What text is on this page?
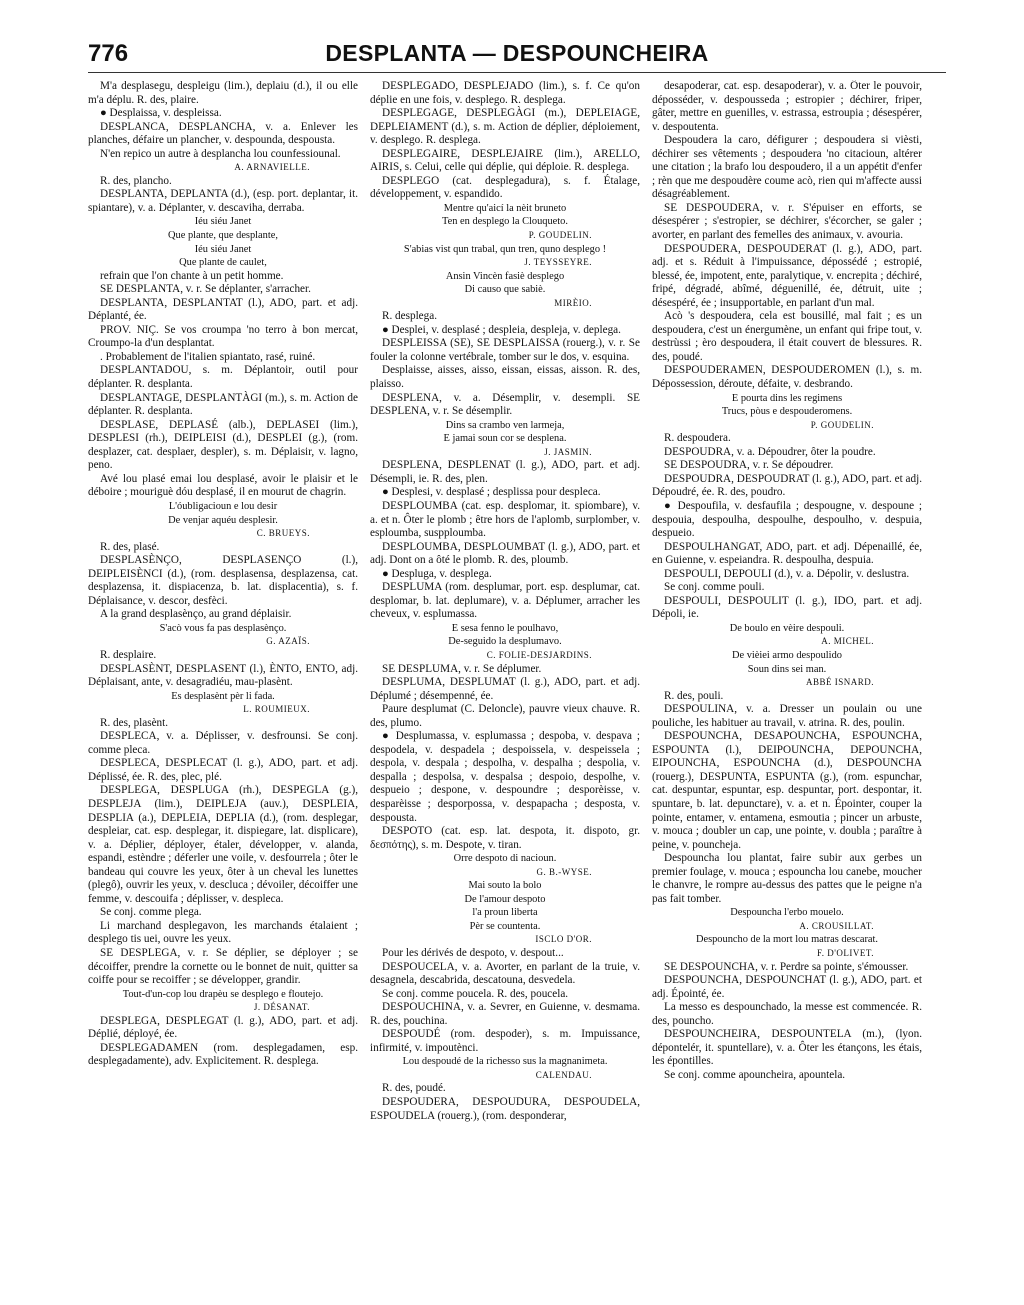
776	DESPLANTA — DESPOUNCHEIRA

M'a desplasegu, despleigu (lim.), deplaiu (d.), il ou elle m'a déplu. R. des, plaire.

● Desplaissa, v. despleissa.

DESPLANCA, DESPLANCHA, v. a. Enlever les planches, défaire un plancher, v. despounda, despousta.

N'en repico un autre à desplancha lou counfessiounal.

A. ARNAVIELLE.

R. des, plancho.

DESPLANTA, DEPLANTA (d.), (esp. port. deplantar, it. spiantare), v. a. Déplanter, v. descaviha, derraba.

Iéu siéu Janet

Que plante, que desplante,

Iéu siéu Janet

Que plante de caulet,

refrain que l'on chante à un petit homme.

SE DESPLANTA, v. r. Se déplanter, s'arracher.

DESPLANTA, DESPLANTAT (l.), ADO, part. et adj. Déplanté, ée.

PROV. NIÇ. Se vos croumpa 'no terro à bon mercat, Croumpo-la d'un desplantat.

. Probablement de l'italien spiantato, rasé, ruiné.

DESPLANTADOU, s. m. Déplantoir, outil pour déplanter. R. desplanta.

DESPLANTAGE, DESPLANTÀGI (m.), s. m. Action de déplanter. R. desplanta.

DESPLASE, DEPLASÉ (alb.), DEPLASEI (lim.), DESPLESI (rh.), DEIPLEISI (d.), DESPLEI (g.), (rom. desplazer, cat. desplaer, despler), s. m. Déplaisir, v. lagno, peno.

Avé lou plasé emai lou desplasé, avoir le plaisir et le déboire ; mouriguè dóu desplasé, il en mourut de chagrin.

L'óubligacioun e lou desir

De venjar aquéu desplesir.

C. BRUEYS.

R. des, plasé.

DESPLASÈNÇO, DESPLASENÇO (l.), DEIPLEISÈNCI (d.), (rom. desplasensa, desplazensa, cat. desplazensa, it. dispiacenza, b. lat. displacentia), s. f. Déplaisance, v. descor, desfèci.

A la grand desplasènço, au grand déplaisir.

S'acò vous fa pas desplasènço.

G. AZAÏS.

R. desplaire.

DESPLASÈNT, DESPLASENT (l.), ÈNTO, ENTO, adj. Déplaisant, ante, v. desagradiéu, mau-plasènt.

Es desplasènt pèr li fada.

L. ROUMIEUX.

R. des, plasènt.

DESPLECA, v. a. Déplisser, v. desfrounsi. Se conj. comme pleca.

DESPLECA, DESPLECAT (l. g.), ADO, part. et adj. Déplissé, ée. R. des, plec, plé.

DESPLEGA, DESPLUGA (rh.), DESPEGLA (g.), DESPLEJA (lim.), DEIPLEJA (auv.), DESPLEIA, DESPLIA (a.), DEPLEIA, DEPLIA (d.), (rom. desplegar, despleiar, cat. esp. desplegar, it. dispiegare, lat. displicare), v. a. Déplier, déployer, étaler, développer, v. alanda, espandi, estèndre ; déferler une voile, v. desfourrela ; ôter le bandeau qui couvre les yeux, ôter à un cheval les lunettes (plegô), ouvrir les yeux, v. descluca ; dévoiler, décoiffer une femme, v. descouifa ; déplisser, v. despleca.

Se conj. comme plega.

Li marchand desplegavon, les marchands étalaient ; desplego tis uei, ouvre les yeux.

SE DESPLEGA, v. r. Se déplier, se déployer ; se décoiffer, prendre la cornette ou le bonnet de nuit, quitter sa coiffe pour se recoiffer ; se développer, grandir.

Tout-d'un-cop lou drapèu se desplego e floutejo.

J. DÉSANAT.

DESPLEGA, DESPLEGAT (l. g.), ADO, part. et adj. Déplié, déployé, ée.

DESPLEGADAMEN (rom. desplegadamen, esp. desplegadamente), adv. Explicitement. R. desplega.

DESPLEGADO, DESPLEJADO (lim.), s. f. Ce qu'on déplie en une fois, v. desplego. R. desplega.

DESPLEGAGE, DESPLEGÀGI (m.), DEPLEIAGE, DEPLEIAMENT (d.), s. m. Action de déplier, déploiement, v. desplego. R. desplega.

DESPLEGAIRE, DESPLEJAIRE (lim.), ARELLO, AIRIS, s. Celui, celle qui déplie, qui déploie. R. desplega.

DESPLEGO (cat. desplegadura), s. f. Étalage, développement, v. espandido.

Mentre qu'aicí la nèit bruneto

Ten en desplego la Clouqueto.

P. GOUDELIN.

S'abias vist qun trabal, qun tren, quno desplego !

J. TEYSSEYRE.

Ansin Vincèn fasiè desplego

Di causo que sabiè.

MIRÈIO.

R. desplega.

● Desplei, v. desplasé ; despleia, despleja, v. deplega.

DESPLEISSA (SE), SE DESPLAISSA (rouerg.), v. r. Se fouler la colonne vertébrale, tomber sur le dos, v. esquina.

Desplaisse, aisses, aisso, eissan, eissas, aisson. R. des, plaisso.

DESPLENA, v. a. Désemplir, v. desempli. SE DESPLENA, v. r. Se désemplir.

Dins sa crambo ven larmeja,

E jamai soun cor se desplena.

J. JASMIN.

DESPLENA, DESPLENAT (l. g.), ADO, part. et adj. Désempli, ie. R. des, plen.

● Desplesi, v. desplasé ; desplissa pour despleca.

DESPLOUMBA (cat. esp. desplomar, it. spiombare), v. a. et n. Ôter le plomb ; être hors de l'aplomb, surplomber, v. esploumba, suspploumba.

DESPLOUMBA, DESPLOUMBAT (l. g.), ADO, part. et adj. Dont on a ôté le plomb. R. des, ploumb.

● Despluga, v. desplega.

DESPLUMA (rom. desplumar, port. esp. desplumar, cat. desplomar, b. lat. deplumare), v. a. Déplumer, arracher les cheveux, v. esplumassa.

E sesa fenno le poulhavo,

De-seguido la desplumavo.

C. FOLIE-DESJARDINS.

SE DESPLUMA, v. r. Se déplumer.

DESPLUMA, DESPLUMAT (l. g.), ADO, part. et adj. Déplumé ; désempenné, ée.

Paure desplumat (C. Deloncle), pauvre vieux chauve. R. des, plumo.

● Desplumassa, v. esplumassa ; despoba, v. despava ; despodela, v. despadela ; despoissela, v. despeissela ; despola, v. despala ; despolha, v. despalha ; despolia, v. despalla ; despolsa, v. despalsa ; despoio, despolhe, v. despueio ; despone, v. despoundre ; desporèisse, v. desparèisse ; desporpossa, v. despapacha ; desposta, v. despousta.

DESPOTO (cat. esp. lat. despota, it. dispoto, gr. δεσπότης), s. m. Despote, v. tiran.

Orre despoto di nacioun.

G. B.-WYSE.

Mai souto la bolo

De l'amour despoto

l'a proun liberta

Pèr se countenta.

ISCLO D'OR.

Pour les dérivés de despoto, v. despout...

DESPOUCELA, v. a. Avorter, en parlant de la truie, v. desagnela, descabrida, descatouna, desvedela.

Se conj. comme poucela. R. des, poucela.

DESPOUCHINA, v. a. Sevrer, en Guienne, v. desmama. R. des, pouchina.

DESPOUDÉ (rom. despoder), s. m. Impuissance, infirmité, v. impoutènci.

Lou despoudé de la richesso sus la magnanimeta.

CALENDAU.

R. des, poudé.

DESPOUDERA, DESPOUDURA, DESPOUDELA, ESPOUDELA (rouerg.), (rom. desponderar,

desapoderar, cat. esp. desapoderar), v. a. Ôter le pouvoir, déposséder, v. despousseda ; estropier ; déchirer, friper, gâter, mettre en guenilles, v. estrassa, estroupia ; désespérer, v. despoutenta.

Despoudera la caro, défigurer ; despoudera si vièsti, déchirer ses vêtements ; despoudera 'no citacioun, altérer une citation ; la brafo lou despoudero, il a un appétit d'enfer ; rèn que me despoudère coume acò, rien qui m'affecte aussi désagréablement.

SE DESPOUDERA, v. r. S'épuiser en efforts, se désespérer ; s'estropier, se déchirer, s'écorcher, se galer ; avorter, en parlant des femelles des animaux, v. avouria.

DESPOUDERA, DESPOUDERAT (l. g.), ADO, part. adj. et s. Réduit à l'impuissance, dépossédé ; estropié, blessé, ée, impotent, ente, paralytique, v. encrepita ; déchiré, fripé, dégradé, abîmé, déguenillé, ée, détruit, uite ; désespéré, ée ; insupportable, en parlant d'un mal.

Acò 's despoudera, cela est bousillé, mal fait ; es un despoudera, c'est un énergumène, un enfant qui fripe tout, v. destrùssi ; èro despoudera, il était couvert de blessures. R. des, poudé.

DESPOUDERAMEN, DESPOUDEROMEN (l.), s. m. Dépossession, déroute, défaite, v. desbrando.

E pourta dins les regimens

Trucs, pòus e despouderomens.

P. GOUDELIN.

R. despoudera.

DESPOUDRA, v. a. Dépoudrer, ôter la poudre.

SE DESPOUDRA, v. r. Se dépoudrer.

DESPOUDRA, DESPOUDRAT (l. g.), ADO, part. et adj. Dépoudré, ée. R. des, poudro.

● Despoufila, v. desfaufila ; despougne, v. despoune ; despouia, despoulha, despoulhe, despoulho, v. despuia, despueio.

DESPOULHANGAT, ADO, part. et adj. Dépenaillé, ée, en Guienne, v. espeiandra. R. despoulha, despuia.

DESPOULI, DEPOULI (d.), v. a. Dépolir, v. deslustra.

Se conj. comme pouli.

DESPOULI, DESPOULIT (l. g.), IDO, part. et adj. Dépoli, ie.

De boulo en vèire despouli.

A. MICHEL.

De vièiei armo despoulido

Soun dins sei man.

ABBÉ ISNARD.

R. des, pouli.

DESPOULINA, v. a. Dresser un poulain ou une pouliche, les habituer au travail, v. atrina. R. des, poulin.

DESPOUNCHA, DESAPOUNCHA, ESPOUNCHA, ESPOUNTA (l.), DEIPOUNCHA, DEPOUNCHA, EIPOUNCHA, ESPOUNCHA (d.), DESPOUNCHA (rouerg.), DESPUNTA, ESPUNTA (g.), (rom. espunchar, cat. despuntar, espuntar, esp. despuntar, port. despontar, it. spuntare, b. lat. depunctare), v. a. et n. Épointer, couper la pointe, entamer, v. entamena, esmoutia ; pincer un arbuste, v. mouca ; doubler un cap, une pointe, v. doubla ; paraître à peine, v. pouncheja.

Despouncha lou plantat, faire subir aux gerbes un premier foulage, v. mouca ; espouncha lou canebe, moucher le chanvre, le rompre au-dessus des pattes que le peigne n'a pas fait tomber.

Despouncha l'erbo mouelo.

A. CROUSILLAT.

Despouncho de la mort lou matras descarat.

F. D'OLIVET.

SE DESPOUNCHA, v. r. Perdre sa pointe, s'émousser.

DESPOUNCHA, DESPOUNCHAT (l. g.), ADO, part. et adj. Épointé, ée.

La messo es despounchado, la messe est commencée. R. des, pouncho.

DESPOUNCHEIRA, DESPOUNTELA (m.), (lyon. dépontelér, it. spuntellare), v. a. Ôter les étançons, les étais, les épontilles.

Se conj. comme apouncheira, apountela.
